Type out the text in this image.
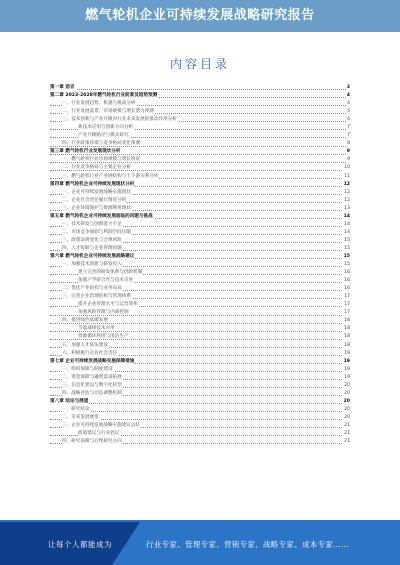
燃气轮机企业可持续发展战略研究报告
内容目录
第一章 前言	3
第二章 2023-2028年燃气轮机行业前景及趋势预测	4
一、行业发展趋势、机遇与挑战分析	4
二、行业发展前景、市场规模与增长潜力预测	5
三、技术创新与产业升级对行业未来发展的推动作用分析	6
新技术应用与创新方向分析	7
产业升级路径与模式研究	7
四、行业政策环境与竞争格局变化预测	8
第三章 燃气轮机行业发展现状分析	9
一、燃气轮机行业市场规模与增长情况	9
二、行业竞争格局与主要企业分析	10
三、燃气轮机行业产业链结构与上下游关系分析	11
第四章 燃气轮机企业可持续发展现状分析	12
一、企业可持续发展战略实施现状	12
二、企业社会责任履行情况分析	12
三、企业环境保护与资源利用现状	13
第五章 燃气轮机企业可持续发展面临的问题与挑战	14
一、技术研发与创新能力不足	14
二、市场竞争加剧与利润空间压缩	14
三、政策法规变化与合规风险	15
四、人才短缺与企业管理问题	15
第六章 燃气轮机企业可持续发展战略建议	15
一、加强技术创新与研发投入	15
建立完善的研发体系与创新机制	16
加强产学研合作与技术引进	16
二、优化产业结构与业务布局	16
三、完善企业治理结构与管理体系	17
提升企业管理水平与运营效率	17
加强风险管理与内部控制	17
四、推进绿色低碳发展	18
节能减排技术应用	18
资源循环利用与清洁生产	18
五、加强人才队伍建设	18
六、积极履行企业社会责任	19
第七章 企业可持续发展战略实施保障措施	19
一、组织保障与制度建设	19
二、资金保障与融资渠道拓展	19
三、信息化建设与数字化转型	20
四、战略评估与动态调整机制	20
第八章 结论与展望	20
一、研究结论	20
二、未来发展展望	20
三、企业可持续发展战略实施建议总结	21
政策建议与行业倡议	21
四、研究局限与后续研究方向	21
让每个人都能成为	行业专家、管理专家、营销专家、战略专家、成本专家……
